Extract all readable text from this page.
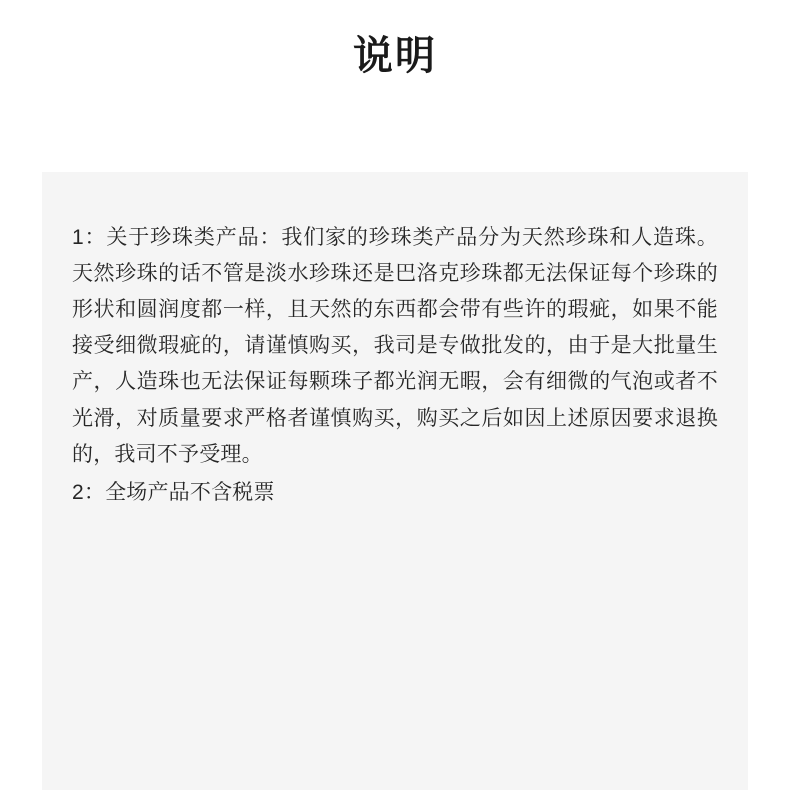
说明

1：关于珍珠类产品：我们家的珍珠类产品分为天然珍珠和人造珠。天然珍珠的话不管是淡水珍珠还是巴洛克珍珠都无法保证每个珍珠的形状和圆润度都一样，且天然的东西都会带有些许的瑕疵，如果不能接受细微瑕疵的，请谨慎购买，我司是专做批发的，由于是大批量生产，人造珠也无法保证每颗珠子都光润无暇，会有细微的气泡或者不光滑，对质量要求严格者谨慎购买，购买之后如因上述原因要求退换的，我司不予受理。

2：全场产品不含税票
